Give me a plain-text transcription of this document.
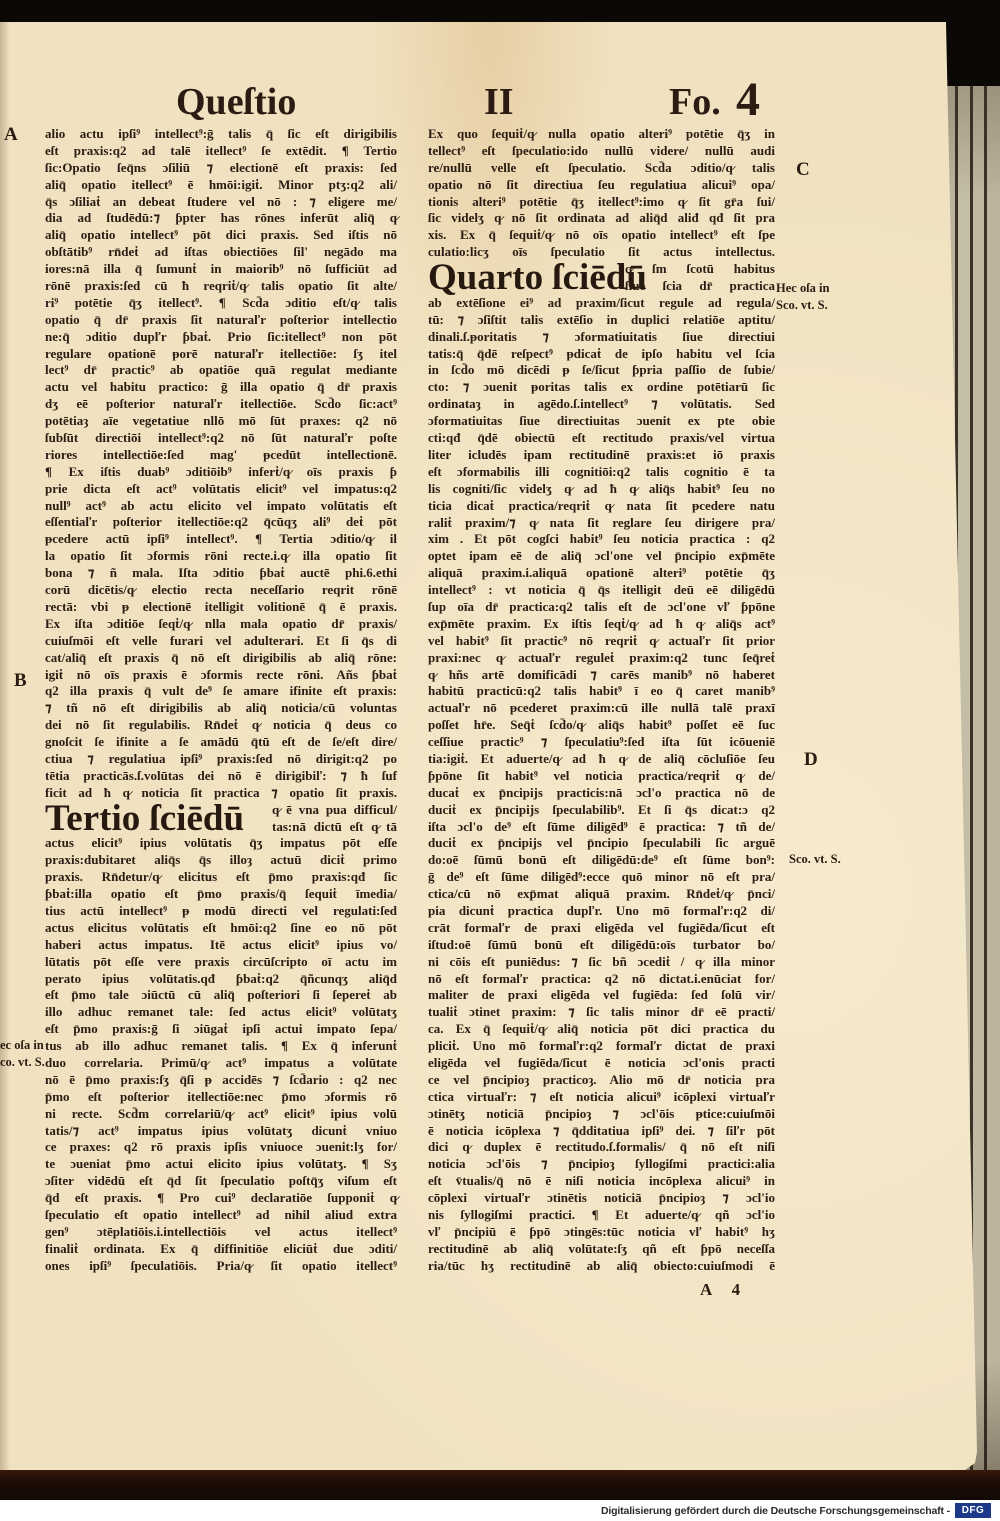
Queſtio	II	Fo. 4
alio actu ipſi⁹ intellect⁹:ḡ talis q̄ ſic eſt dirigibilis
eſt praxis:q2 ad talē itellect⁹ ſe extēdit. ¶ Tertio
ſic:Opatio ſeq̄ns ɔſiliū ⁊ electionē eſt praxis: ſed
aliq̄ opatio itellect⁹ ē hmōi:igiṫ. Minor ptʒ:q2 ali/
q̄s ɔſiliaṫ an debeat ſtudere vel nō : ⁊ eligere me/
dia ad ſtudēdū:⁊ ƥpter has rōnes inferūt aliq̄ q̷
aliq̄ opatio intellect⁹ pōt dici praxis. Sed iſtis nō
obſtātib⁹ rn̄deṫ ad iſtas obiectiōes ſil' negādo ma
iores:nā illa q̄ ſumunṫ in maiorib⁹ nō ſufficiūt ad
rōnē praxis:ſed cū ħ reqriṫ/q̷ talis opatio ſit alte/
ri⁹ potētie q̄ʒ itellect⁹. ¶ Scd̄a ɔditio eſt/q̷ talis
opatio q̄ dr̄ praxis ſit naturaľr poſterior intellectio
ne:q̄ ɔditio dupľr ƥbaṫ. Prio ſic:itellect⁹ non pōt
regulare opationē ᵽorē naturaľr itellectiōe: ſʒ itel
lect⁹ dr̄ practic⁹ ab opatiōe quā regulat mediante
actu vel habitu practico: ḡ illa opatio q̄ dr̄ praxis
dʒ eē poſterior naturaľr itellectiōe. Scd̄o ſic:act⁹
potētiaȝ aīe vegetatiue nllō mō ſūt praxes: q2 nō
ſubſūt directiōi intellect⁹:q2 nō ſūt naturaľr poſte
riores intellectiōe:ſed mag' ᵽcedūt intellectionē.
¶ Ex iſtis duab⁹ ɔditiōib⁹ inferṫ/q̷ oīs praxis ƥ
prie dicta eſt act⁹ volūtatis elicit⁹ vel impatus:q2
null⁹ act⁹ ab actu elicito vel impato volūtatis eſt
eſſentiaľr poſterior itellectiōe:q2 q̄cūqʒ ali⁹ deṫ pōt
ᵽcedere actū ipſi⁹ intellect⁹. ¶ Tertia ɔditio/q̷ il
la opatio ſit ɔformis rōni recte.i.q̷ illa opatio ſit
bona ⁊ ñ mala. Iſta ɔditio ƥbaṫ auctē phi.6.ethi
corū dicētis/q̷ electio recta neceſſario reqrit rōnē
rectā: vbi ᵽ electionē itelligit volitionē q̄ ē praxis.
Ex iſta ɔditiōe ſeqṫ/q̷ nlla mala opatio dr̄ praxis/
cuiuſmōi eſt velle furari vel adulterari. Et ſi q̄s di
cat/aliq̄ eſt praxis q̄ nō eſt dirigibilis ab aliq̄ rōne:
igiṫ nō oīs praxis ē ɔformis recte rōni. Añs ƥbaṫ
q2 illa praxis q̄ vult de⁹ ſe amare ifinite eſt praxis:
⁊ tñ nō eſt dirigibilis ab aliq̄ noticia/cū voluntas
dei nō ſit regulabilis. Rn̄deṫ q̷ noticia q̄ deus co
gnoſcit ſe ifinite a ſe amādū q̄tū eſt de ſe/eſt dire/
ctiua ⁊ regulatiua ipſi⁹ praxis:ſed nō dirigit:q2 po
tētia practicās.ſ.volūtas dei nō ē dirigibiľ: ⁊ ħ ſuf
ficit ad ħ q̷ noticia ſit practica ⁊ opatio ſit praxis.
Tertio ſciēdū	q̷ ē vna pua difficul/
tas:nā dictū eſt q̷ tā
actus elicit⁹ ipius volūtatis q̄ʒ impatus pōt eſſe
praxis:dubitaret aliq̄s q̄s illoȝ actuū diciṫ primo
praxis. Rn̄detur/q̷ elicitus eſt p̄mo praxis:qđ ſic
ƥbaṫ:illa opatio eſt p̄mo praxis/q̄ ſequiṫ īmedia/
tius actū intellect⁹ ᵽ modū directi vel regulati:ſed
actus elicitus volūtatis eſt hmōi:q2 ſine eo nō pōt
haberi actus impatus. Itē actus elicit⁹ ipius vo/
lūtatis pōt eſſe vere praxis circūſcripto oī actu im
perato ipius volūtatis.qđ ƥbaṫ:q2 q̄ñcunqʒ aliq̄d
eſt p̄mo tale ɔiūctū cū aliq̄ poſteriori ſi ſepereṫ ab
illo adhuc remanet tale: ſed actus elicit⁹ volūtatʒ
eſt p̄mo praxis:ḡ ſi ɔiūgaṫ ipſi actui impato ſepa/
tus ab illo adhuc remanet talis. ¶ Ex q̄ inferunṫ
duo correlaria. Primū/q̷ act⁹ impatus a volūtate
nō ē p̄mo praxis:ſʒ q̄ſi ᵽ accidēs ⁊ ſcd̄ario : q2 nec
p̄mo eſt poſterior itellectiōe:nec p̄mo ɔformis rō
ni recte. Scd̄m correlariū/q̷ act⁹ elicit⁹ ipius volū
tatis/⁊ act⁹ impatus ipius volūtatʒ dicunṫ vniuo
ce praxes: q2 rō praxis ipſis vniuoce ɔuenit:lʒ for/
te ɔueniat p̄mo actui elicito ipius volūtatʒ. ¶ Sʒ
ɔſiter vidēdū eſt q̄d ſit ſpeculatio poſtq̄ʒ viſum eſt
q̄d eſt praxis. ¶ Pro cui⁹ declaratiōe ſupponiṫ q̷
ſpeculatio eſt opatio intellect⁹ ad nihil aliud extra
gen⁹ ɔtēplatiōis.i.intellectiōis vel actus itellect⁹
finaliṫ ordinata. Ex q̄ diffinitiōe eliciūṫ due ɔditi/
ones ipſi⁹ ſpeculatiōis. Pria/q̷ ſit opatio itellect⁹
Ex quo ſequiṫ/q̷ nulla opatio alteri⁹ potētie q̄ʒ in
tellect⁹ eſt ſpeculatio:ido nullū videre/ nullū audi
re/nullū velle eſt ſpeculatio. Scd̄a ɔditio/q̷ talis
opatio nō ſit directiua ſeu regulatiua alicui⁹ opa/
tionis alteri⁹ potētie q̄ʒ itellect⁹:imo q̷ ſit gr̄a ſui/
ſic videlʒ q̷ nō ſit ordinata ad aliq̄d aliđ qđ ſit pra
xis. Ex q̄ ſequiṫ/q̷ nō oīs opatio intellect⁹ eſt ſpe
culatio:licʒ oīs ſpeculatio ſit actus intellectus.
Quarto ſciēdū
q̷ ſm ſcotū habitus
ſiue ſcia dr̄ practica
ab extēſione ei⁹ ad praxim/ſicut regule ad regula/
tū: ⁊ ɔſiſtit talis extēſio in duplici relatiōe aptitu/
dinali.ſ.ᵽoritatis ⁊ ɔformatiuitatis ſiue directiui
tatis:q̄ q̄dē reſpect⁹ ᵽdicaṫ de ipſo habitu vel ſcia
in ſcd̄o mō dicēdi ᵽ ſe/ſicut ƥpria paſſio de ſubie/
cto: ⁊ ɔuenit ᵽoritas talis ex ordine potētiarū ſic
ordinataȝ in agēdo.ſ.intellect⁹ ⁊ volūtatis. Sed
ɔformatiuitas ſiue directiuitas ɔuenit ex pte obie
cti:qđ q̄dē obiectū eſt rectitudo praxis/vel virtua
liter icludēs ipam rectitudinē praxis:et iō praxis
eſt ɔformabilis illi cognitiōi:q2 talis cognitio ē ta
lis cogniti/ſic videlʒ q̷ ad ħ q̷ aliq̄s habit⁹ ſeu no
ticia dicaṫ practica/reqriṫ q̷ nata ſit ᵽcedere natu
raliṫ praxim/⁊ q̷ nata ſit reglare ſeu dirigere pra/
xim . Et pōt cogſci habit⁹ ſeu noticia practica : q2
optet ipam eē de aliq̄ ɔcl'one vel p̄ncipio exp̄mēte
aliquā praxim.i.aliquā opationē alteri⁹ potētie q̄ʒ
intellect⁹ : vt noticia q̄ q̄s itelligit deū eē diligēdū
ſup oīa dr̄ practica:q2 talis eſt de ɔcl'one vľ ƥpōne
exp̄mēte praxim. Ex iſtis ſeqṫ/q̷ ad ħ q̷ aliq̄s act⁹
vel habit⁹ ſit practic⁹ nō reqriṫ q̷ actuaľr ſit prior
praxi:nec q̷ actuaľr reguleṫ praxim:q2 tunc ſeq̄reṫ
q̷ hñs artē domificādi ⁊ carēs manib⁹ nō haberet
habitū practicū:q2 talis habit⁹ ī eo q̄ caret manib⁹
actuaľr nō ᵽcederet praxim:cū ille nullā talē praxī
poſſet hr̄e. Seq̄ṫ ſcd̄o/q̷ aliq̄s habit⁹ poſſet eē ſuc
ceſſiue practic⁹ ⁊ ſpeculatiu⁹:ſed iſta ſūt icōueniē
tia:igiṫ. Et aduerte/q̷ ad ħ q̷ de aliq̄ cōcluſiōe ſeu
ƥpōne ſit habit⁹ vel noticia practica/reqriṫ q̷ de/
ducaṫ ex p̄ncipijs practicis:nā ɔcl'o practica nō de
duciṫ ex p̄ncipijs ſpeculabilib⁹. Et ſi q̄s dicat:ɔ q2
iſta ɔcl'o de⁹ eſt ſūme diligēd⁹ ē practica: ⁊ tñ de/
duciṫ ex p̄ncipijs vel p̄ncipio ſpeculabili ſic arguē
do:oē ſūmū bonū eſt diligēdū:de⁹ eſt ſūme bon⁹:
ḡ de⁹ eſt ſūme diligēd⁹:ecce quō minor nō eſt pra/
ctica/cū nō exp̄mat aliquā praxim. Rn̄deṫ/q̷ p̄nci/
pia dicunṫ practica dupľr. Uno mō formaľr:q2 di/
crāt formaľr de praxi eligēda vel fugiēda/ſicut eſt
iſtud:oē ſūmū bonū eſt diligēdū:oīs turbator bo/
ni cōis eſt puniēdus: ⁊ ſic bñ ɔcediṫ / q̷ illa minor
nō eſt formaľr practica: q2 nō dictat.i.enūciat for/
maliter de praxi eligēda vel fugiēda: ſed ſolū vir/
tualiṫ ɔtinet praxim: ⁊ ſic talis minor dr̄ eē practi/
ca. Ex q̄ ſequiṫ/q̷ aliq̄ noticia pōt dici practica du
pliciṫ. Uno mō formaľr:q2 formaľr dictat de praxi
eligēda vel fugiēda/ſicut ē noticia ɔcl'onis practi
ce vel p̄ncipioȝ practicoȝ. Alio mō dr̄ noticia pra
ctica virtuaľr: ⁊ eſt noticia alicui⁹ icōplexi virtuaľr
ɔtinētʒ noticiā p̄ncipioȝ ⁊ ɔcl'ōis ᵽtice:cuiuſmōi
ē noticia icōplexa ⁊ q̄dditatiua ipſi⁹ dei. ⁊ ſiľr pōt
dici q̷ duplex ē rectitudo.ſ.formalis/ q̄ nō eſt niſi
noticia ɔcl'ōis ⁊ p̄ncipioȝ ſyllogiſmi practici:alia
eſt v̄tualis/q̄ nō ē niſi noticia incōplexa alicui⁹ in
cōplexi virtuaľr ɔtinētis noticiā p̄ncipioȝ ⁊ ɔcl'io
nis ſyllogiſmi practici. ¶ Et aduerte/q̷ qñ ɔcl'io
vľ p̄ncipiū ē ƥpō ɔtingēs:tūc noticia vľ habit⁹ hʒ
rectitudinē ab aliq̄ volūtate:ſʒ qñ eſt ƥpō neceſſa
ria/tūc hʒ rectitudinē ab aliq̄ obiecto:cuiuſmodi ē
A
B
ec oſa in
co. vt. S.
C
Hec oſa in
Sco. vt. S.
D
Sco. vt. S.
A 4
Digitalisierung gefördert durch die Deutsche Forschungsgemeinschaft -	DFG
